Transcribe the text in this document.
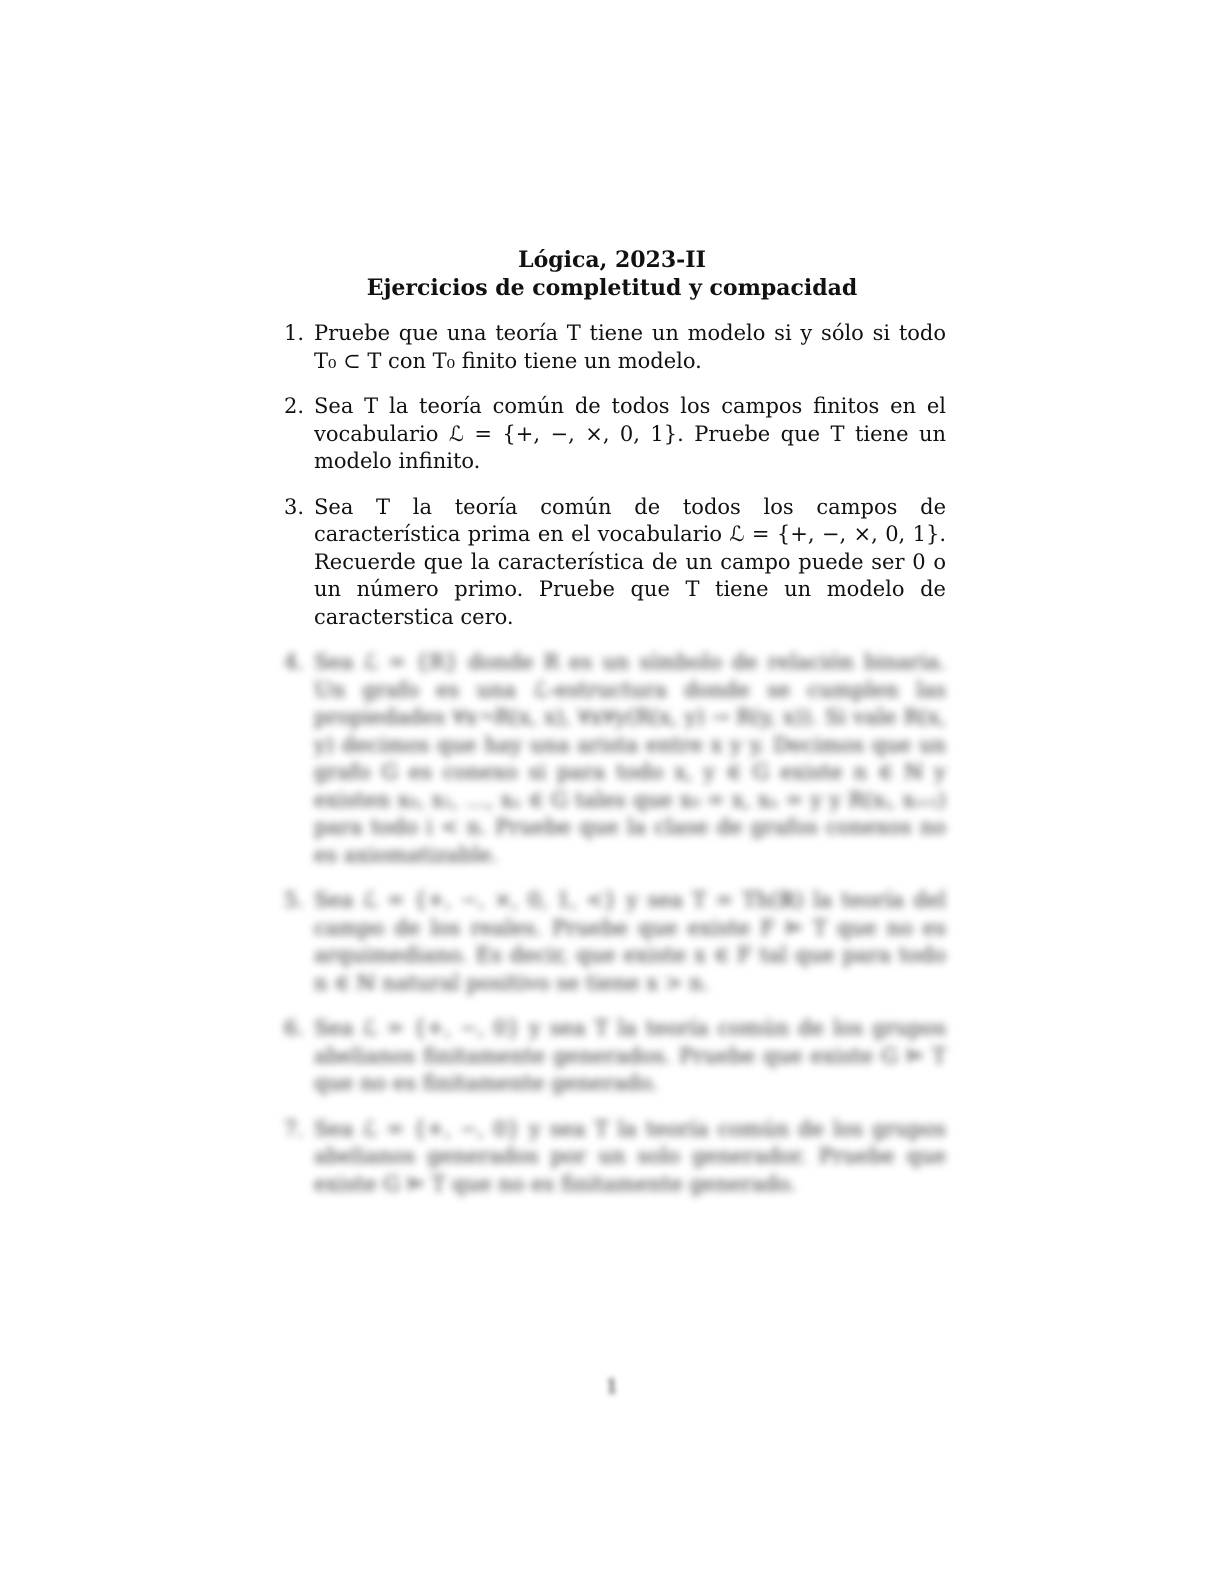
Lógica, 2023-II
Ejercicios de completitud y compacidad
1. Pruebe que una teoría T tiene un modelo si y sólo si todo T₀ ⊂ T con T₀ finito tiene un modelo.
2. Sea T la teoría común de todos los campos finitos en el vocabulario ℒ = {+, −, ×, 0, 1}. Pruebe que T tiene un modelo infinito.
3. Sea T la teoría común de todos los campos de característica prima en el vocabulario ℒ = {+, −, ×, 0, 1}. Recuerde que la característica de un campo puede ser 0 o un número primo. Pruebe que T tiene un modelo de caracterstica cero.
4. Sea ℒ = {R} donde R es un símbolo de relación binaria. Un grafo es una ℒ-estructura donde se cumplen las propiedades ∀x¬R(x, x), ∀x∀y(R(x, y) → R(y, x)). Si vale R(x, y) decimos que hay una arista entre x y y. Decimos que un grafo G es conexo si para todo x, y ∈ G existe n ∈ ℕ y existen x₀, x₁, …, xₙ ∈ G tales que x₀ = x, xₙ = y y R(xᵢ, xᵢ₊₁) para todo i < n. Pruebe que la clase de grafos conexos no es axiomatizable.
5. Sea ℒ = {+, −, ×, 0, 1, <} y sea T = Th(ℝ) la teoría del campo de los reales. Pruebe que existe F ⊨ T que no es arquimediano. Es decir, que existe x ∈ F tal que para todo n ∈ ℕ natural positivo se tiene x > n.
6. Sea ℒ = {+, −, 0} y sea T la teoría común de los grupos abelianos finitamente generados. Pruebe que existe G ⊨ T que no es finitamente generado.
7. Sea ℒ = {+, −, 0} y sea T la teoría común de los grupos abelianos generados por un solo generador. Pruebe que existe G ⊨ T que no es finitamente generado.
1
